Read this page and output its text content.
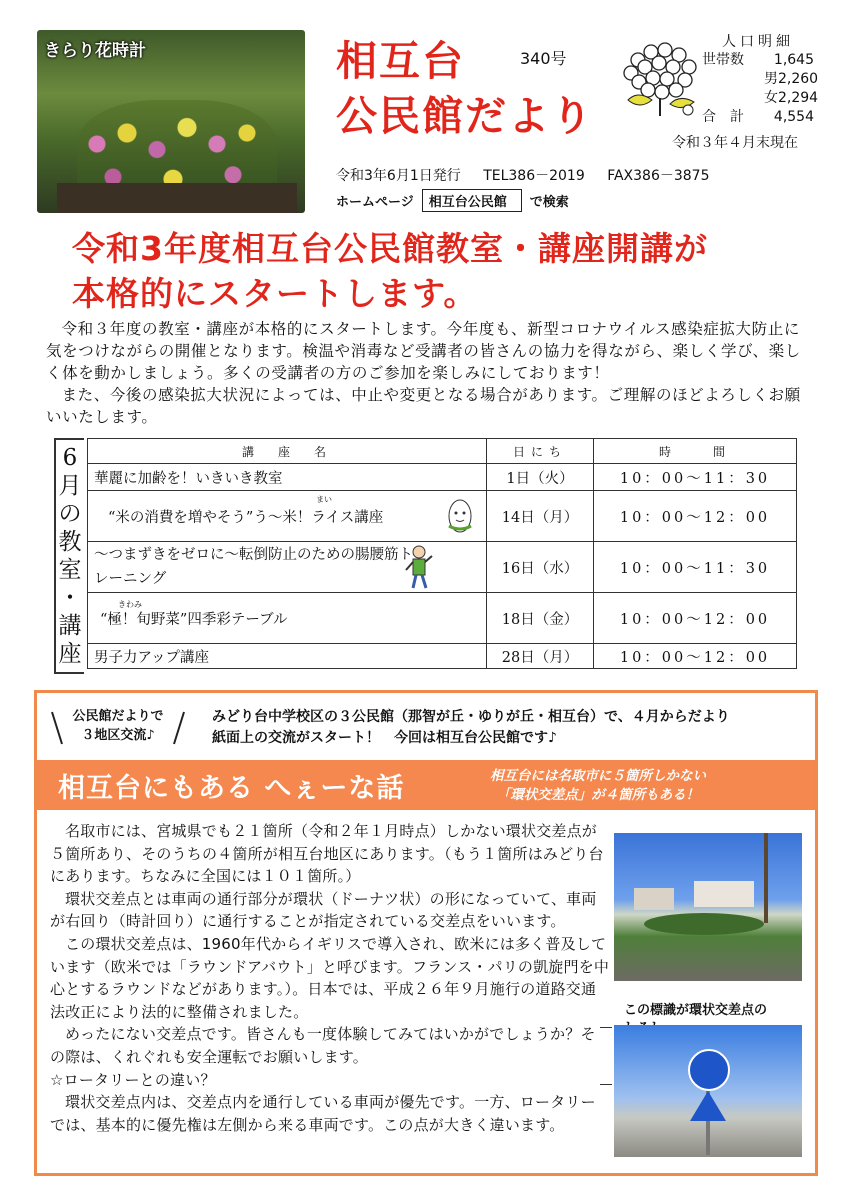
きらり花時計	相互台
公民館だより
340号
人口明細
世帯数 1,645
男 2,260
女 2,294
合　計 4,554
令和３年４月末現在
令和3年6月1日発行 TEL386－2019 FAX386－3875
ホームページ	相互台公民館	で検索
令和3年度相互台公民館教室・講座開講が
本格的にスタートします。

令和３年度の教室・講座が本格的にスタートします。今年度も、新型コロナウイルス感染症拡大防止に気をつけながらの開催となります。検温や消毒など受講者の皆さんの協力を得ながら、楽しく学び、楽しく体を動かしましょう。多くの受講者の方のご参加を楽しみにしております！

また、今後の感染拡大状況によっては、中止や変更となる場合があります。ご理解のほどよろしくお願いいたします。

6
月
の
教
室
・
講
座
講　座　名	日にち	時　　間
華麗に加齢を！いきいき教室	1日（火）	10：00～11：30

まい
“米の消費を増やそう”う～米！ライス講座	14日（月）	10：00～12：00
～つまずきをゼロに～転倒防止のための腸腰筋トレーニング	16日（水）	10：00～11：30

きわみ
“極！旬野菜”四季彩テーブル	18日（金）	10：00～12：00
男子力アップ講座	28日（月）	10：00～12：00
公民館だよりで
３地区交流♪
みどり台中学校区の３公民館（那智が丘・ゆりが丘・相互台）で、４月からだより
紙面上の交流がスタート！　今回は相互台公民館です♪
相互台にもある へぇーな話	相互台には名取市に５箇所しかない
「環状交差点」が４箇所もある！

名取市には、宮城県でも２１箇所（令和２年１月時点）しかない環状交差点が５箇所あり、そのうちの４箇所が相互台地区にあります。（もう１箇所はみどり台にあります。ちなみに全国には１０１箇所。）

環状交差点とは車両の通行部分が環状（ドーナツ状）の形になっていて、車両が右回り（時計回り）に通行することが指定されている交差点をいいます。

この環状交差点は、1960年代からイギリスで導入され、欧米には多く普及しています（欧米では「ラウンドアバウト」と呼びます。フランス・パリの凱旋門を中心とするラウンドなどがあります。）。日本では、平成２６年９月施行の道路交通法改正により法的に整備されました。

めったにない交差点です。皆さんも一度体験してみてはいかがでしょうか？その際は、くれぐれも安全運転でお願いします。

☆ロータリーとの違い？

環状交差点内は、交差点内を通行している車両が優先です。一方、ロータリーでは、基本的に優先権は左側から来る車両です。この点が大きく違います。

この標識が環状交差点の
